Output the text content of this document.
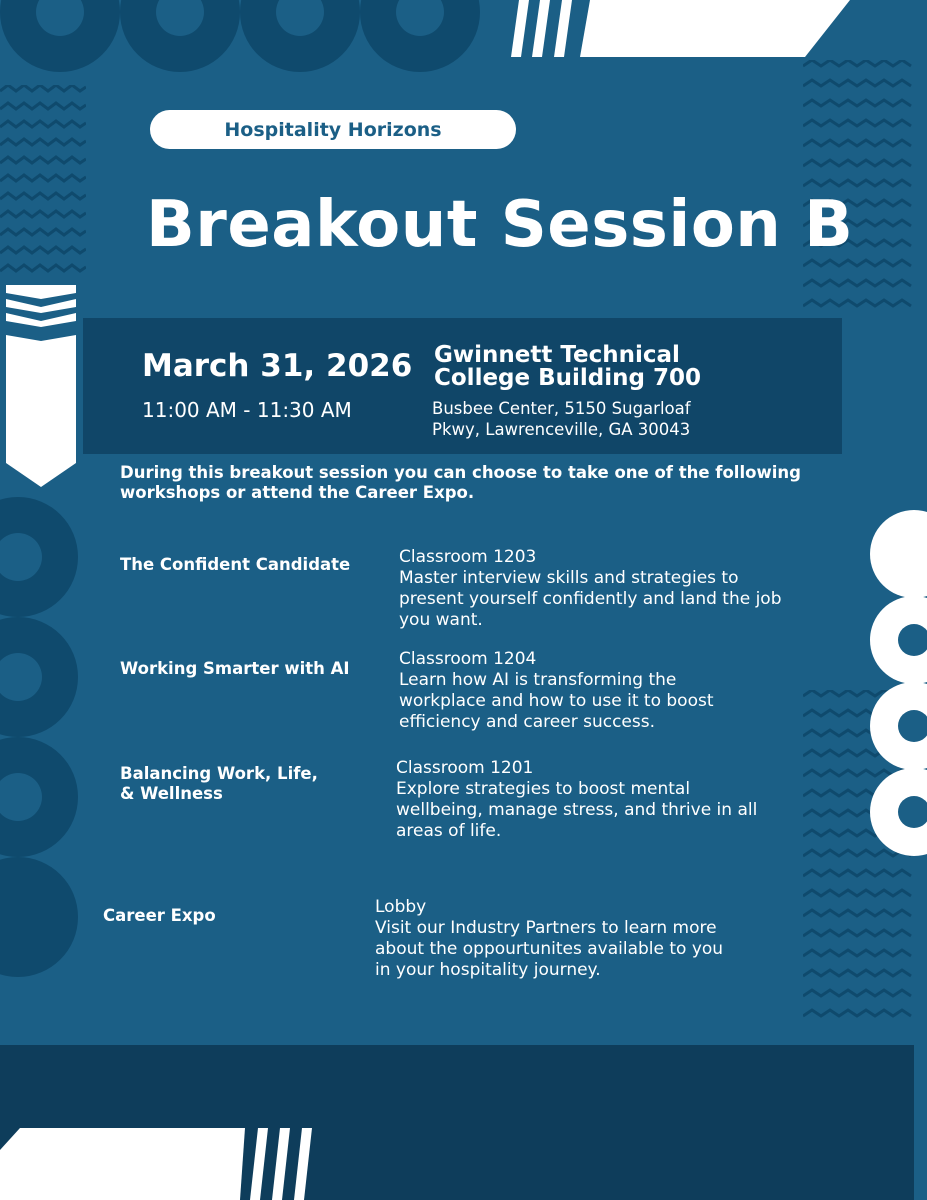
Hospitality Horizons
Breakout Session B
March 31, 2026
11:00 AM - 11:30 AM
Gwinnett Technical
College Building 700
Busbee Center, 5150 Sugarloaf
Pkwy, Lawrenceville, GA 30043
During this breakout session you can choose to take one of the following
workshops or attend the Career Expo.
The Confident Candidate	Classroom 1203
Master interview skills and strategies to
present yourself confidently and land the job
you want.
Working Smarter with AI	Classroom 1204
Learn how AI is transforming the
workplace and how to use it to boost
efficiency and career success.
Balancing Work, Life,
& Wellness
Classroom 1201
Explore strategies to boost mental
wellbeing, manage stress, and thrive in all
areas of life.
Career Expo	Lobby
Visit our Industry Partners to learn more
about the oppourtunites available to you
in your hospitality journey.
